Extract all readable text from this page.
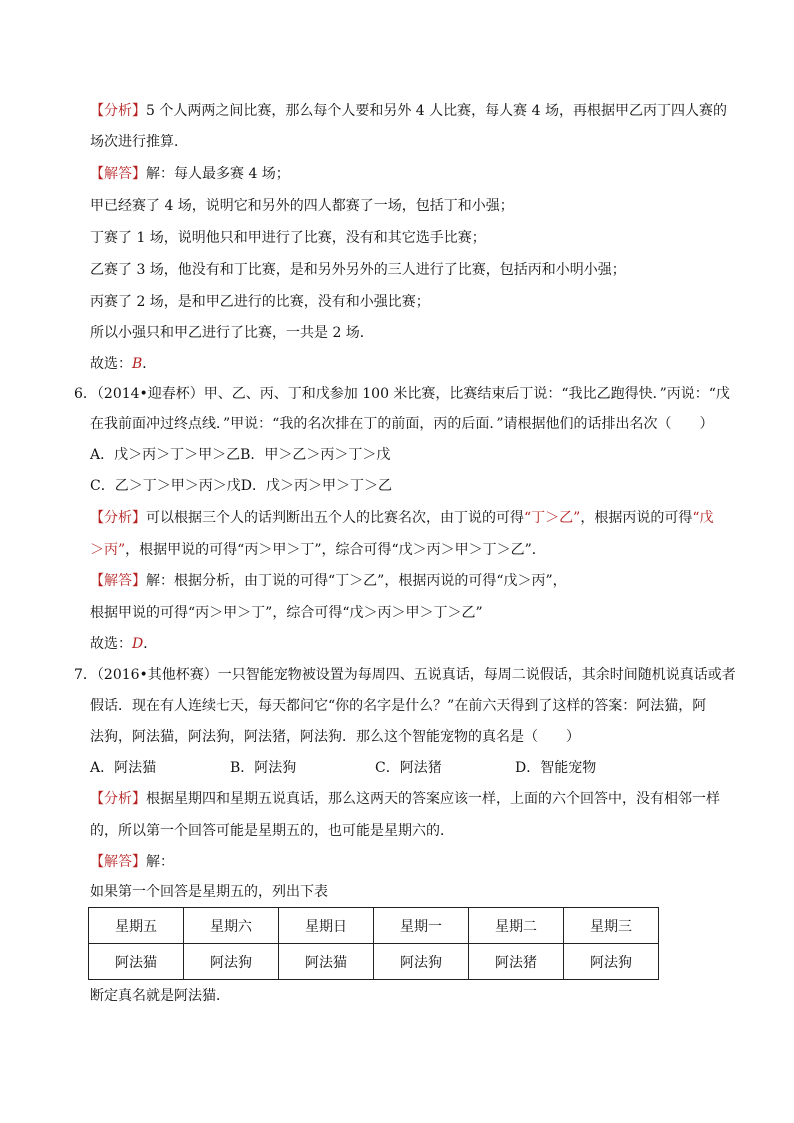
【分析】5 个人两两之间比赛，那么每个人要和另外 4 人比赛，每人赛 4 场，再根据甲乙丙丁四人赛的
场次进行推算．
【解答】解：每人最多赛 4 场；
甲已经赛了 4 场，说明它和另外的四人都赛了一场，包括丁和小强；
丁赛了 1 场，说明他只和甲进行了比赛，没有和其它选手比赛；
乙赛了 3 场，他没有和丁比赛，是和另外另外的三人进行了比赛，包括丙和小明小强；
丙赛了 2 场，是和甲乙进行的比赛，没有和小强比赛；
所以小强只和甲乙进行了比赛，一共是 2 场．
故选：B．
6．（2014•迎春杯）甲、乙、丙、丁和戊参加 100 米比赛，比赛结束后丁说：“我比乙跑得快．”丙说：“戊
在我前面冲过终点线．”甲说：“我的名次排在丁的前面，丙的后面．”请根据他们的话排出名次（　　）
A．戊＞丙＞丁＞甲＞乙B．甲＞乙＞丙＞丁＞戊
C．乙＞丁＞甲＞丙＞戊D．戊＞丙＞甲＞丁＞乙
【分析】可以根据三个人的话判断出五个人的比赛名次，由丁说的可得“丁＞乙”，根据丙说的可得“戊
＞丙”，根据甲说的可得“丙＞甲＞丁”，综合可得“戊＞丙＞甲＞丁＞乙”．
【解答】解：根据分析，由丁说的可得“丁＞乙”，根据丙说的可得“戊＞丙”，
根据甲说的可得“丙＞甲＞丁”，综合可得“戊＞丙＞甲＞丁＞乙”
故选：D．
7．（2016•其他杯赛）一只智能宠物被设置为每周四、五说真话，每周二说假话，其余时间随机说真话或者
假话．现在有人连续七天，每天都问它“你的名字是什么？”在前六天得到了这样的答案：阿法猫，阿
法狗，阿法猫，阿法狗，阿法猪，阿法狗．那么这个智能宠物的真名是（　　）
A．阿法猫	B．阿法狗	C．阿法猪	D．智能宠物
【分析】根据星期四和星期五说真话，那么这两天的答案应该一样，上面的六个回答中，没有相邻一样
的，所以第一个回答可能是星期五的，也可能是星期六的．
【解答】解：
如果第一个回答是星期五的，列出下表
星期五	星期六	星期日	星期一	星期二	星期三
阿法猫	阿法狗	阿法猫	阿法狗	阿法猪	阿法狗
断定真名就是阿法猫．
